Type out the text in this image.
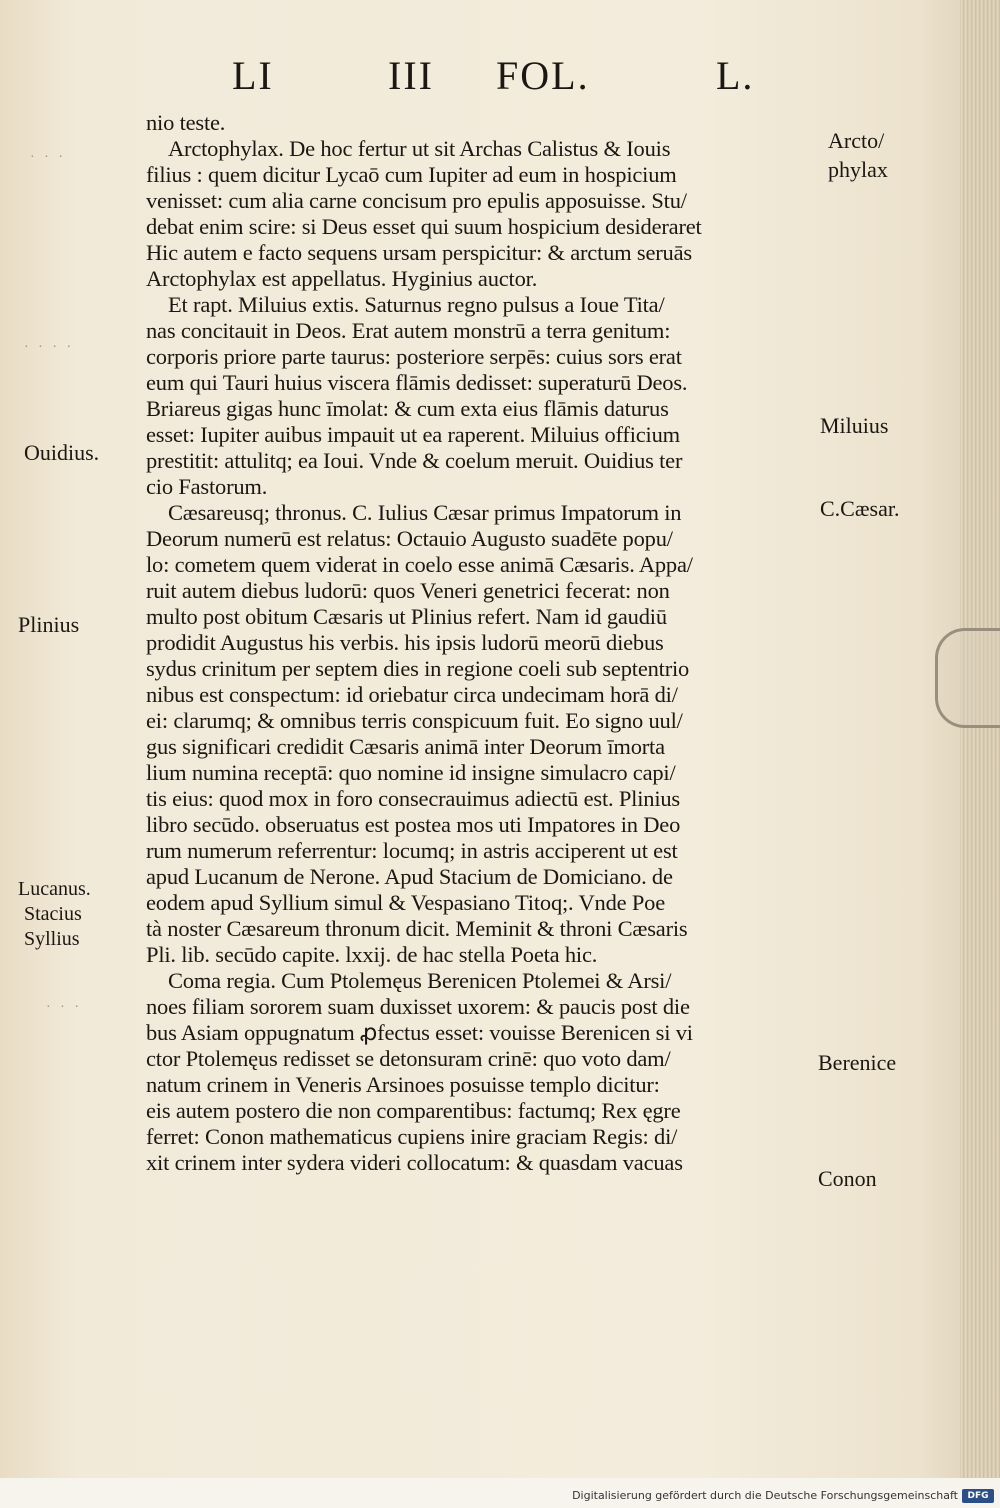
LI	III FOL.	L.
nio teste.
Arctophylax. De hoc fertur ut sit Archas Calistus & Iouis
filius : quem dicitur Lycaō cum Iupiter ad eum in hospicium
venisset: cum alia carne concisum pro epulis apposuisse. Stu/
debat enim scire: si Deus esset qui suum hospicium desideraret
Hic autem e facto sequens ursam perspicitur: & arctum seruās
Arctophylax est appellatus. Hyginius auctor.
Et rapt. Miluius extis. Saturnus regno pulsus a Ioue Tita/
nas concitauit in Deos. Erat autem monstrū a terra genitum:
corporis priore parte taurus: posteriore serpēs: cuius sors erat
eum qui Tauri huius viscera flāmis dedisset: superaturū Deos.
Briareus gigas hunc īmolat: & cum exta eius flāmis daturus
esset: Iupiter auibus impauit ut ea raperent. Miluius officium
prestitit: attulitq; ea Ioui. Vnde & coelum meruit. Ouidius ter
cio Fastorum.
Cæsareusq; thronus. C. Iulius Cæsar primus Impatorum in
Deorum numerū est relatus: Octauio Augusto suadēte popu/
lo: cometem quem viderat in coelo esse animā Cæsaris. Appa/
ruit autem diebus ludorū: quos Veneri genetrici fecerat: non
multo post obitum Cæsaris ut Plinius refert. Nam id gaudiū
prodidit Augustus his verbis. his ipsis ludorū meorū diebus
sydus crinitum per septem dies in regione coeli sub septentrio
nibus est conspectum: id oriebatur circa undecimam horā di/
ei: clarumq; & omnibus terris conspicuum fuit. Eo signo uul/
gus significari credidit Cæsaris animā inter Deorum īmorta
lium numina receptā: quo nomine id insigne simulacro capi/
tis eius: quod mox in foro consecrauimus adiectū est. Plinius
libro secūdo. obseruatus est postea mos uti Impatores in Deo
rum numerum referrentur: locumq; in astris acciperent ut est
apud Lucanum de Nerone. Apud Stacium de Domiciano. de
eodem apud Syllium simul & Vespasiano Titoq;. Vnde Poe
tà noster Cæsareum thronum dicit. Meminit & throni Cæsaris
Pli. lib. secūdo capite. lxxij. de hac stella Poeta hic.
Coma regia. Cum Ptolemęus Berenicen Ptolemei & Arsi/
noes filiam sororem suam duxisset uxorem: & paucis post die
bus Asiam oppugnatum ꝓfectus esset: vouisse Berenicen si vi
ctor Ptolemęus redisset se detonsuram crinē: quo voto dam/
natum crinem in Veneris Arsinoes posuisse templo dicitur:
eis autem postero die non comparentibus: factumq; Rex ęgre
ferret: Conon mathematicus cupiens inire graciam Regis: di/
xit crinem inter sydera videri collocatum: & quasdam vacuas
Arcto/
phylax
Miluius
C.Cæsar.
Berenice
Conon
Ouidius.
Plinius
Lucanus.
Stacius
Syllius
· · ·
· · · ·
· · ·
Digitalisierung gefördert durch die Deutsche Forschungsgemeinschaft	DFG
